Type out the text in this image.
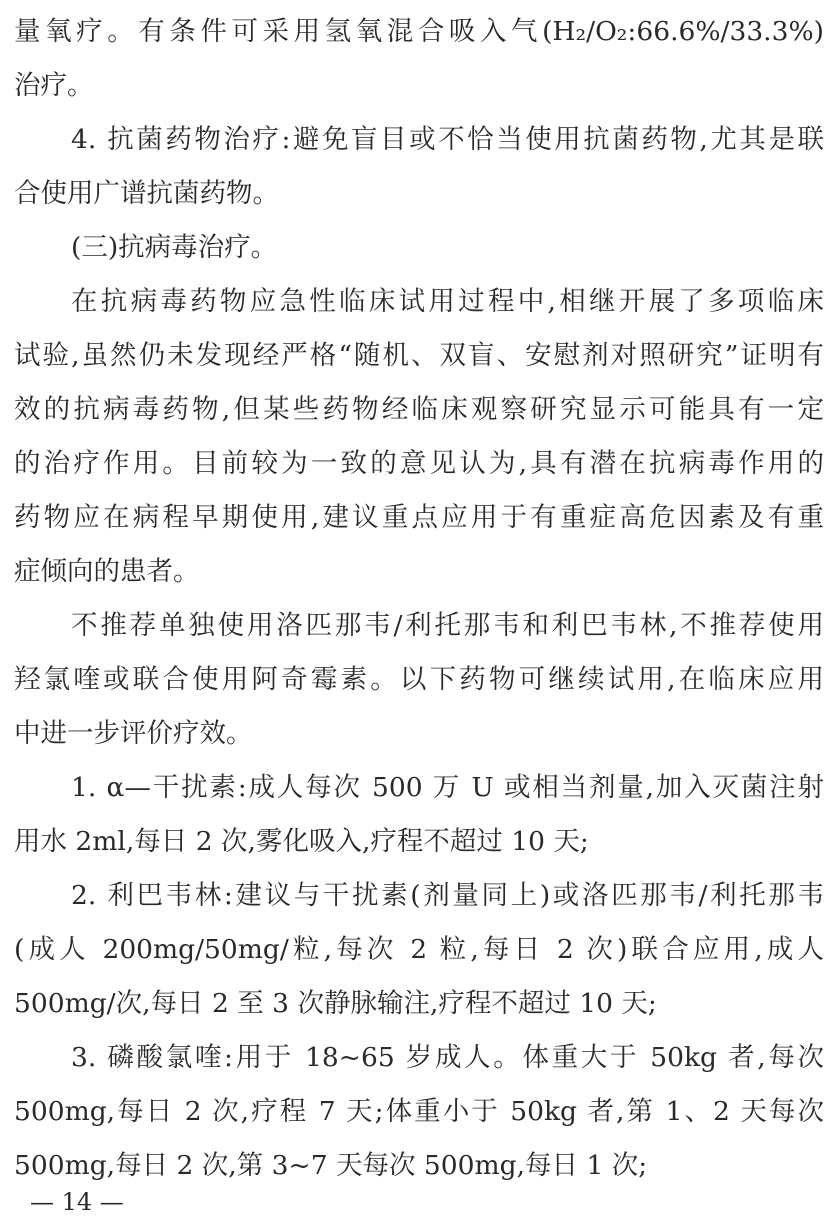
量氧疗。有条件可采用氢氧混合吸入气(H₂/O₂:66.6%/33.3%)
治疗。
4. 抗菌药物治疗:避免盲目或不恰当使用抗菌药物,尤其是联
合使用广谱抗菌药物。
(三)抗病毒治疗。
在抗病毒药物应急性临床试用过程中,相继开展了多项临床
试验,虽然仍未发现经严格“随机、双盲、安慰剂对照研究”证明有
效的抗病毒药物,但某些药物经临床观察研究显示可能具有一定
的治疗作用。目前较为一致的意见认为,具有潜在抗病毒作用的
药物应在病程早期使用,建议重点应用于有重症高危因素及有重
症倾向的患者。
不推荐单独使用洛匹那韦/利托那韦和利巴韦林,不推荐使用
羟氯喹或联合使用阿奇霉素。以下药物可继续试用,在临床应用
中进一步评价疗效。
1. α—干扰素:成人每次 500 万 U 或相当剂量,加入灭菌注射
用水 2ml,每日 2 次,雾化吸入,疗程不超过 10 天;
2. 利巴韦林:建议与干扰素(剂量同上)或洛匹那韦/利托那韦
(成人 200mg/50mg/粒,每次 2 粒,每日 2 次)联合应用,成人
500mg/次,每日 2 至 3 次静脉输注,疗程不超过 10 天;
3. 磷酸氯喹:用于 18~65 岁成人。体重大于 50kg 者,每次
500mg,每日 2 次,疗程 7 天;体重小于 50kg 者,第 1、2 天每次
500mg,每日 2 次,第 3~7 天每次 500mg,每日 1 次;
— 14 —
